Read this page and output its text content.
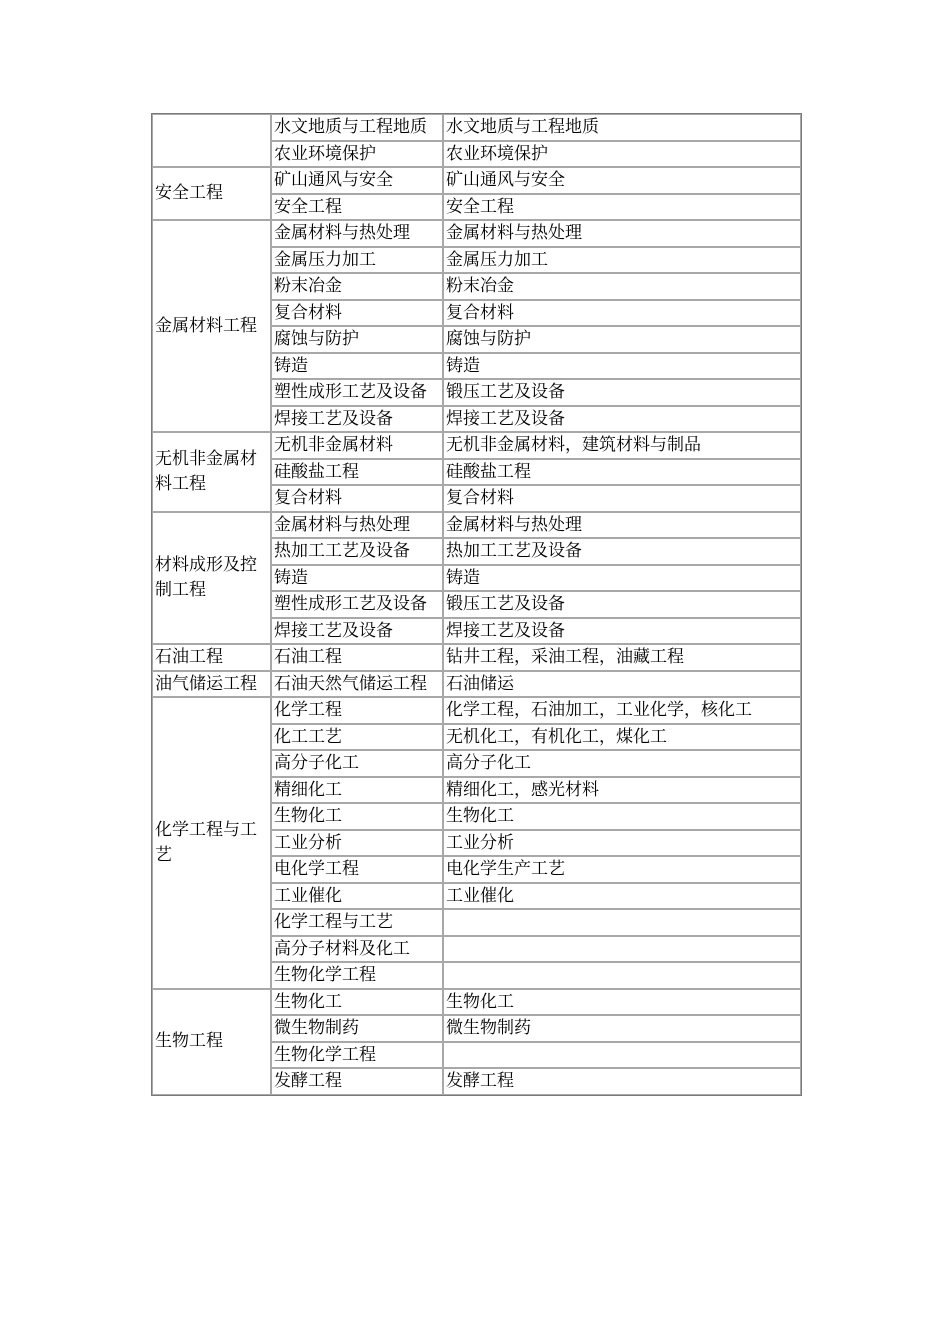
	水文地质与工程地质	水文地质与工程地质
	农业环境保护	农业环境保护
安全工程	矿山通风与安全	矿山通风与安全
	安全工程	安全工程
金属材料工程	金属材料与热处理	金属材料与热处理
	金属压力加工	金属压力加工
	粉末冶金	粉末冶金
	复合材料	复合材料
	腐蚀与防护	腐蚀与防护
	铸造	铸造
	塑性成形工艺及设备	锻压工艺及设备
	焊接工艺及设备	焊接工艺及设备
无机非金属材料工程	无机非金属材料	无机非金属材料，建筑材料与制品
	硅酸盐工程	硅酸盐工程
	复合材料	复合材料
材料成形及控制工程	金属材料与热处理	金属材料与热处理
	热加工工艺及设备	热加工工艺及设备
	铸造	铸造
	塑性成形工艺及设备	锻压工艺及设备
	焊接工艺及设备	焊接工艺及设备
石油工程	石油工程	钻井工程，采油工程，油藏工程
油气储运工程	石油天然气储运工程	石油储运
化学工程与工艺	化学工程	化学工程，石油加工，工业化学，核化工
	化工工艺	无机化工，有机化工，煤化工
	高分子化工	高分子化工
	精细化工	精细化工，感光材料
	生物化工	生物化工
	工业分析	工业分析
	电化学工程	电化学生产工艺
	工业催化	工业催化
	化学工程与工艺	
	高分子材料及化工	
	生物化学工程	
生物工程	生物化工	生物化工
	微生物制药	微生物制药
	生物化学工程	
	发酵工程	发酵工程
